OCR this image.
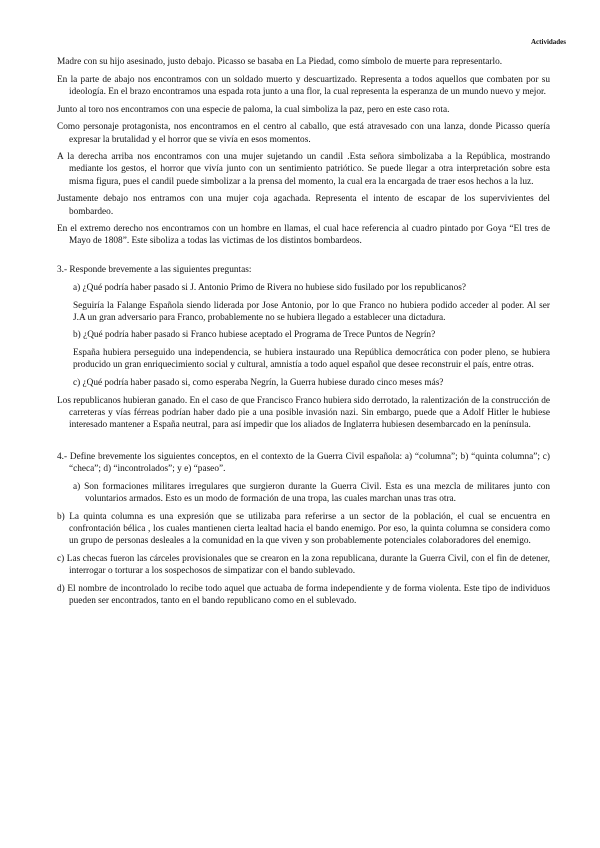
Actividades

Madre con su hijo asesinado, justo debajo. Picasso se basaba en La Piedad, como símbolo de muerte para representarlo.

En la parte de abajo nos encontramos con un soldado muerto y descuartizado. Representa a todos aquellos que combaten por su ideología. En el brazo encontramos una espada rota junto a una flor, la cual representa la esperanza de un mundo nuevo y mejor.

Junto al toro nos encontramos con una especie de paloma, la cual simboliza la paz, pero en este caso rota.

Como personaje protagonista, nos encontramos en el centro al caballo, que está atravesado con una lanza, donde Picasso quería expresar la brutalidad y el horror que se vivía en esos momentos.

A la derecha arriba nos encontramos con una mujer sujetando un candil .Esta señora simbolizaba a la República, mostrando mediante los gestos, el horror que vivía junto con un sentimiento patriótico. Se puede llegar a otra interpretación sobre esta misma figura, pues el candil puede simbolizar a la prensa del momento, la cual era la encargada de traer esos hechos a la luz.

Justamente debajo nos entramos con una mujer coja agachada. Representa el intento de escapar de los supervivientes del bombardeo.

En el extremo derecho nos encontramos con un hombre en llamas, el cual hace referencia al cuadro pintado por Goya “El tres de Mayo de 1808”. Este siboliza a todas las victimas de los distintos bombardeos.

3.- Responde brevemente a las siguientes preguntas:

a) ¿Qué podría haber pasado si J. Antonio Primo de Rivera no hubiese sido fusilado por los republicanos?

Seguiría la Falange Española siendo liderada por Jose Antonio, por lo que Franco no hubiera podido acceder al poder. Al ser J.A un gran adversario para Franco, probablemente no se hubiera llegado a establecer una dictadura.

b) ¿Qué podría haber pasado si Franco hubiese aceptado el Programa de Trece Puntos de Negrín?

España hubiera perseguido una independencia, se hubiera instaurado una República democrática con poder pleno, se hubiera producido un gran enriquecimiento social y cultural, amnistía a todo aquel español que desee reconstruir el país, entre otras.

c) ¿Qué podría haber pasado si, como esperaba Negrín, la Guerra hubiese durado cinco meses más?

Los republicanos hubieran ganado. En el caso de que Francisco Franco hubiera sido derrotado, la ralentización de la construcción de carreteras y vías férreas podrían haber dado pie a una posible invasión nazi. Sin embargo, puede que a Adolf Hitler le hubiese interesado mantener a España neutral, para así impedir que los aliados de Inglaterra hubiesen desembarcado en la península.

4.- Define brevemente los siguientes conceptos, en el contexto de la Guerra Civil española: a) “columna”; b) “quinta columna”; c) “checa”; d) “incontrolados”; y e) “paseo”.

a) Son formaciones militares irregulares que surgieron durante la Guerra Civil. Esta es una mezcla de militares junto con voluntarios armados. Esto es un modo de formación de una tropa, las cuales marchan unas tras otra.

b) La quinta columna es una expresión que se utilizaba para referirse a un sector de la población, el cual se encuentra en confrontación bélica , los cuales mantienen cierta lealtad hacia el bando enemigo. Por eso, la quinta columna se considera como un grupo de personas desleales a la comunidad en la que viven y son probablemente potenciales colaboradores del enemigo.

c) Las checas fueron las cárceles provisionales que se crearon en la zona republicana, durante la Guerra Civil, con el fin de detener, interrogar o torturar a los sospechosos de simpatizar con el bando sublevado.

d) El nombre de incontrolado lo recibe todo aquel que actuaba de forma independiente y de forma violenta. Este tipo de individuos pueden ser encontrados, tanto en el bando republicano como en el sublevado.
